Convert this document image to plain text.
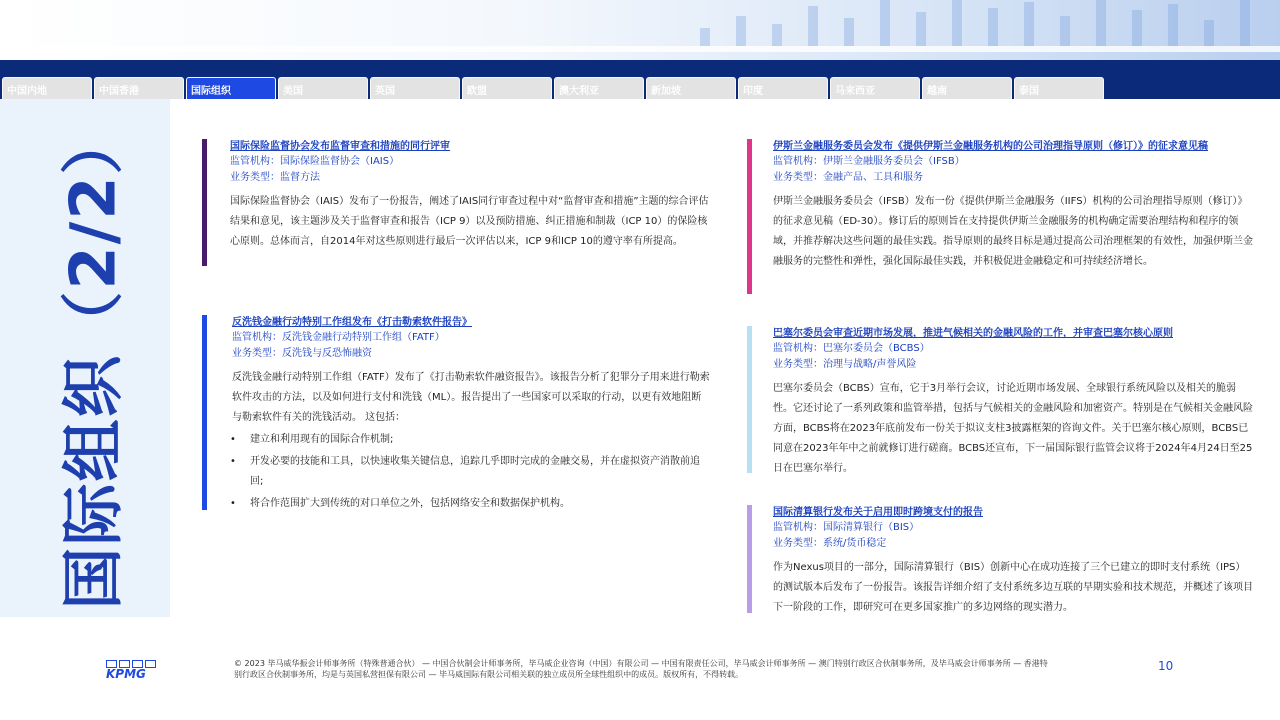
中国内地	中国香港	国际组织	美国	英国	欧盟	澳大利亚	新加坡	印度	马来西亚	越南	泰国
国际组织（2/2）	国际保险监督协会发布监督审查和措施的同行评审
监管机构：国际保险监督协会（IAIS）
业务类型：监督方法
国际保险监督协会（IAIS）发布了一份报告，阐述了IAIS同行审查过程中对“监督审查和措施”主题的综合评估结果和意见，该主题涉及关于监督审查和报告（ICP 9）以及预防措施、纠正措施和制裁（ICP 10）的保险核心原则。总体而言，自2014年对这些原则进行最后一次评估以来，ICP 9和ICP 10的遵守率有所提高。
反洗钱金融行动特别工作组发布《打击勒索软件报告》
监管机构：反洗钱金融行动特别工作组（FATF）
业务类型：反洗钱与反恐怖融资
反洗钱金融行动特别工作组（FATF）发布了《打击勒索软件融资报告》。该报告分析了犯罪分子用来进行勒索软件攻击的方法，以及如何进行支付和洗钱（ML）。报告提出了一些国家可以采取的行动，以更有效地阻断与勒索软件有关的洗钱活动。 这包括：
• 建立和利用现有的国际合作机制;
• 开发必要的技能和工具，以快速收集关键信息，追踪几乎即时完成的金融交易，并在虚拟资产消散前追回;
• 将合作范围扩大到传统的对口单位之外，包括网络安全和数据保护机构。
伊斯兰金融服务委员会发布《提供伊斯兰金融服务机构的公司治理指导原则（修订）》的征求意见稿
监管机构：伊斯兰金融服务委员会（IFSB）
业务类型：金融产品、工具和服务
伊斯兰金融服务委员会（IFSB）发布一份《提供伊斯兰金融服务（IIFS）机构的公司治理指导原则（修订）》的征求意见稿（ED-30）。修订后的原则旨在支持提供伊斯兰金融服务的机构确定需要治理结构和程序的领域，并推荐解决这些问题的最佳实践。指导原则的最终目标是通过提高公司治理框架的有效性，加强伊斯兰金融服务的完整性和弹性，强化国际最佳实践，并积极促进金融稳定和可持续经济增长。
巴塞尔委员会审查近期市场发展，推进气候相关的金融风险的工作，并审查巴塞尔核心原则
监管机构：巴塞尔委员会（BCBS）
业务类型：治理与战略/声誉风险
巴塞尔委员会（BCBS）宣布，它于3月举行会议，讨论近期市场发展、全球银行系统风险以及相关的脆弱性。它还讨论了一系列政策和监管举措，包括与气候相关的金融风险和加密资产。特别是在气候相关金融风险方面，BCBS将在2023年底前发布一份关于拟议支柱3披露框架的咨询文件。关于巴塞尔核心原则，BCBS已同意在2023年年中之前就修订进行磋商。BCBS还宣布，下一届国际银行监管会议将于2024年4月24日至25日在巴塞尔举行。
国际清算银行发布关于启用即时跨境支付的报告
监管机构：国际清算银行（BIS）
业务类型：系统/货币稳定
作为Nexus项目的一部分，国际清算银行（BIS）创新中心在成功连接了三个已建立的即时支付系统（IPS）的测试版本后发布了一份报告。该报告详细介绍了支付系统多边互联的早期实验和技术规范，并概述了该项目下一阶段的工作，即研究可在更多国家推广的多边网络的现实潜力。
KPMG
© 2023 毕马威华振会计师事务所（特殊普通合伙） — 中国合伙制会计师事务所，毕马威企业咨询（中国）有限公司 — 中国有限责任公司，毕马威会计师事务所 — 澳门特别行政区合伙制事务所，及毕马威会计师事务所 — 香港特别行政区合伙制事务所，均是与英国私营担保有限公司 — 毕马威国际有限公司相关联的独立成员所全球性组织中的成员。版权所有，不得转载。
10
